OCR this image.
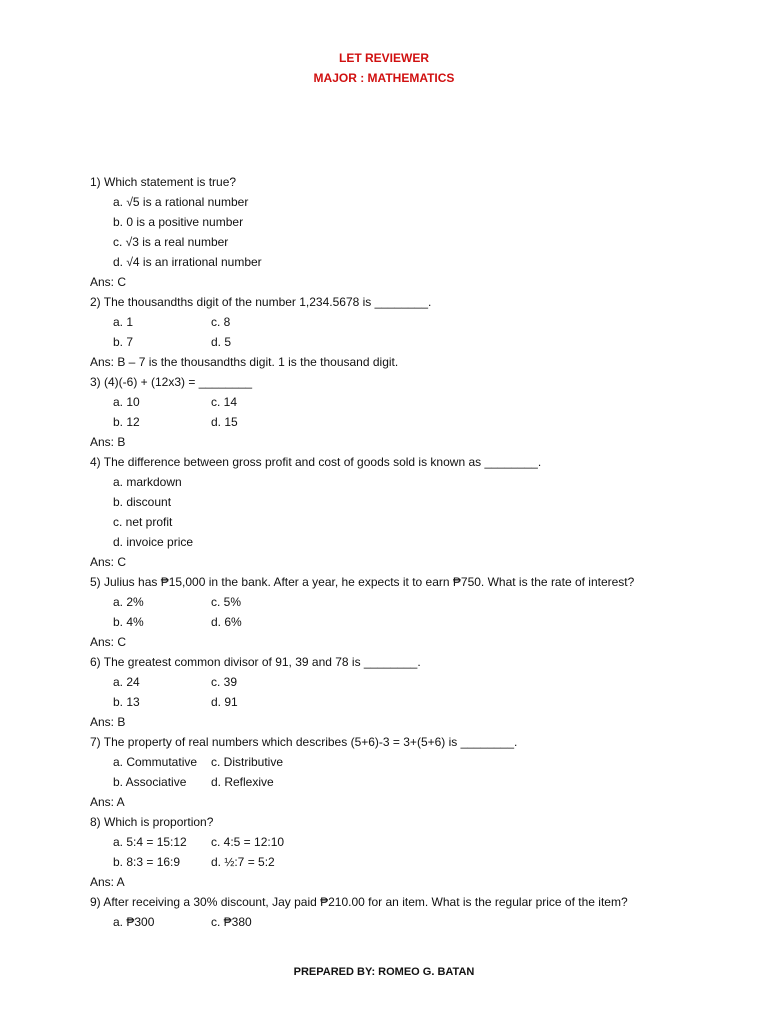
LET REVIEWER
MAJOR : MATHEMATICS
1) Which statement is true?
a. √5 is a rational number
b. 0 is a positive number
c. √3 is a real number
d. √4 is an irrational number
Ans: C
2) The thousandths digit of the number 1,234.5678 is ________.
a. 1	c. 8
b. 7	d. 5
Ans: B – 7 is the thousandths digit. 1 is the thousand digit.
3) (4)(-6) + (12x3) = ________
a. 10	c. 14
b. 12	d. 15
Ans: B
4) The difference between gross profit and cost of goods sold is known as ________.
a. markdown
b. discount
c. net profit
d. invoice price
Ans: C
5) Julius has ₱15,000 in the bank. After a year, he expects it to earn ₱750. What is the rate of interest?
a. 2%	c. 5%
b. 4%	d. 6%
Ans: C
6) The greatest common divisor of 91, 39 and 78 is ________.
a. 24	c. 39
b. 13	d. 91
Ans: B
7) The property of real numbers which describes (5+6)-3 = 3+(5+6) is ________.
a. Commutative c. Distributive
b. Associative d. Reflexive
Ans: A
8) Which is proportion?
a. 5:4 = 15:12 c. 4:5 = 12:10
b. 8:3 = 16:9	d. ½:7 = 5:2
Ans: A
9) After receiving a 30% discount, Jay paid ₱210.00 for an item. What is the regular price of the item?
a. ₱300	c. ₱380
PREPARED BY: ROMEO G. BATAN
